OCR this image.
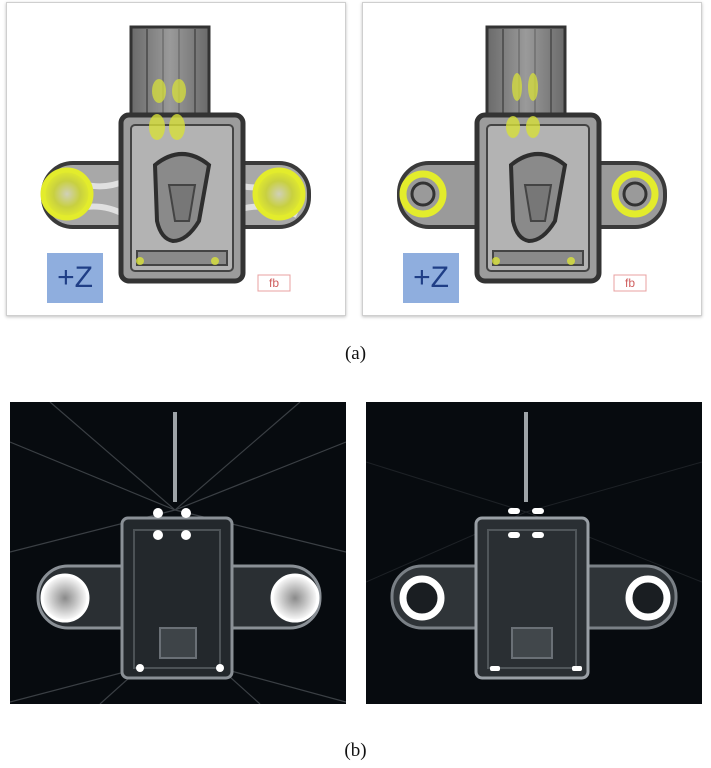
+Z	fb	+Z	fb
(a)
(b)
